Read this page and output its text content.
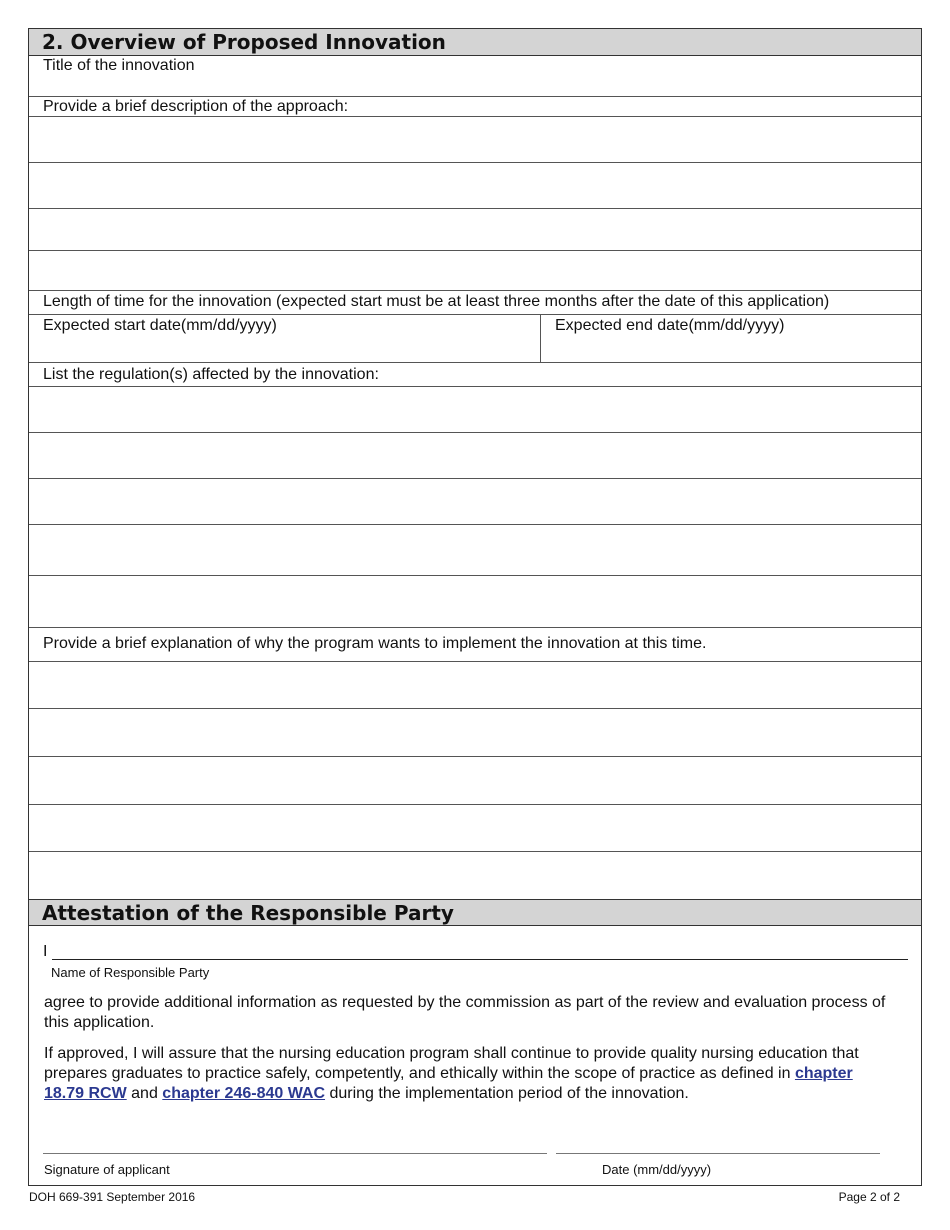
2. Overview of Proposed Innovation
Title of the innovation
Provide a brief description of the approach:
Length of time for the innovation (expected start must be at least three months after the date of this application)
Expected start date(mm/dd/yyyy)	Expected end date(mm/dd/yyyy)
List the regulation(s) affected by the innovation:
Provide a brief explanation of why the program wants to implement the innovation at this time.
Attestation of the Responsible Party
I
Name of Responsible Party

agree to provide additional information as requested by the commission as part of the review and evaluation process of this application.

If approved, I will assure that the nursing education program shall continue to provide quality nursing education that prepares graduates to practice safely, competently, and ethically within the scope of practice as defined in chapter 18.79 RCW and chapter 246-840 WAC during the implementation period of the innovation.

Signature of applicant	Date (mm/dd/yyyy)
DOH 669-391 September 2016	Page 2 of 2
